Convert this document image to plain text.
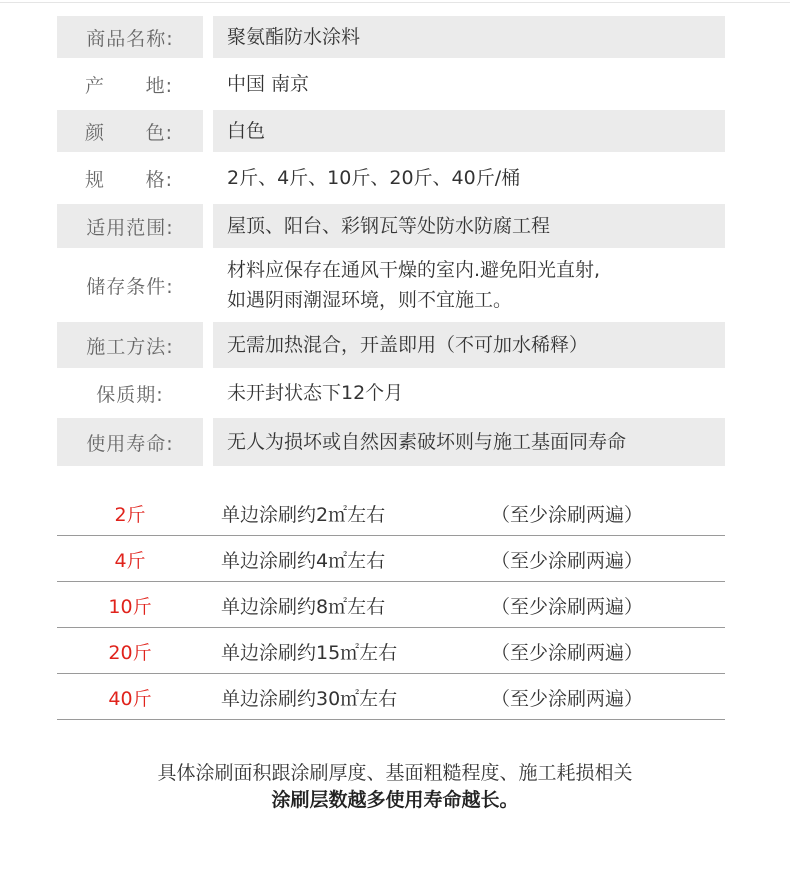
商品名称:	聚氨酯防水涂料
产 地:	中国 南京
颜 色:	白色
规 格:	2斤、4斤、10斤、20斤、40斤/桶
适用范围:	屋顶、阳台、彩钢瓦等处防水防腐工程
储存条件:
材料应保存在通风干燥的室内.避免阳光直射,
如遇阴雨潮湿环境，则不宜施工。
施工方法:	无需加热混合，开盖即用（不可加水稀释）
保质期:	未开封状态下12个月
使用寿命:	无人为损坏或自然因素破坏则与施工基面同寿命
2斤	单边涂刷约2㎡左右	（至少涂刷两遍）
4斤	单边涂刷约4㎡左右	（至少涂刷两遍）
10斤	单边涂刷约8㎡左右	（至少涂刷两遍）
20斤	单边涂刷约15㎡左右	（至少涂刷两遍）
40斤	单边涂刷约30㎡左右	（至少涂刷两遍）
具体涂刷面积跟涂刷厚度、基面粗糙程度、施工耗损相关
涂刷层数越多使用寿命越长。
